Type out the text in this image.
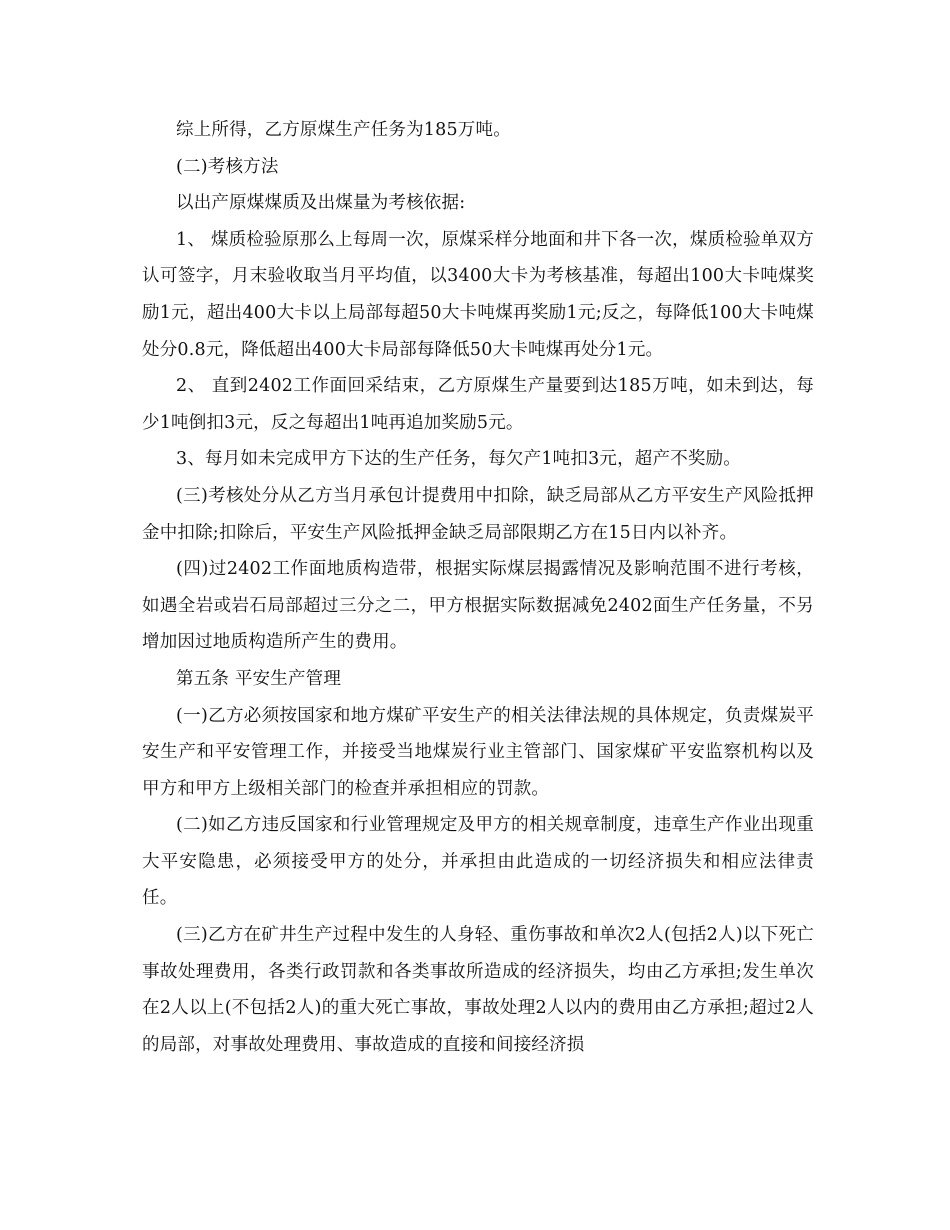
综上所得，乙方原煤生产任务为185万吨。

(二)考核方法

以出产原煤煤质及出煤量为考核依据:

1、 煤质检验原那么上每周一次，原煤采样分地面和井下各一次，煤质检验单双方认可签字，月末验收取当月平均值，以3400大卡为考核基准，每超出100大卡吨煤奖励1元，超出400大卡以上局部每超50大卡吨煤再奖励1元;反之，每降低100大卡吨煤处分0.8元，降低超出400大卡局部每降低50大卡吨煤再处分1元。

2、 直到2402工作面回采结束，乙方原煤生产量要到达185万吨，如未到达，每少1吨倒扣3元，反之每超出1吨再追加奖励5元。

3、每月如未完成甲方下达的生产任务，每欠产1吨扣3元，超产不奖励。

(三)考核处分从乙方当月承包计提费用中扣除，缺乏局部从乙方平安生产风险抵押金中扣除;扣除后，平安生产风险抵押金缺乏局部限期乙方在15日内以补齐。

(四)过2402工作面地质构造带，根据实际煤层揭露情况及影响范围不进行考核，如遇全岩或岩石局部超过三分之二，甲方根据实际数据减免2402面生产任务量，不另增加因过地质构造所产生的费用。

第五条 平安生产管理

(一)乙方必须按国家和地方煤矿平安生产的相关法律法规的具体规定，负责煤炭平安生产和平安管理工作，并接受当地煤炭行业主管部门、国家煤矿平安监察机构以及甲方和甲方上级相关部门的检查并承担相应的罚款。

(二)如乙方违反国家和行业管理规定及甲方的相关规章制度，违章生产作业出现重大平安隐患，必须接受甲方的处分，并承担由此造成的一切经济损失和相应法律责任。

(三)乙方在矿井生产过程中发生的人身轻、重伤事故和单次2人(包括2人)以下死亡事故处理费用，各类行政罚款和各类事故所造成的经济损失，均由乙方承担;发生单次在2人以上(不包括2人)的重大死亡事故，事故处理2人以内的费用由乙方承担;超过2人的局部，对事故处理费用、事故造成的直接和间接经济损
